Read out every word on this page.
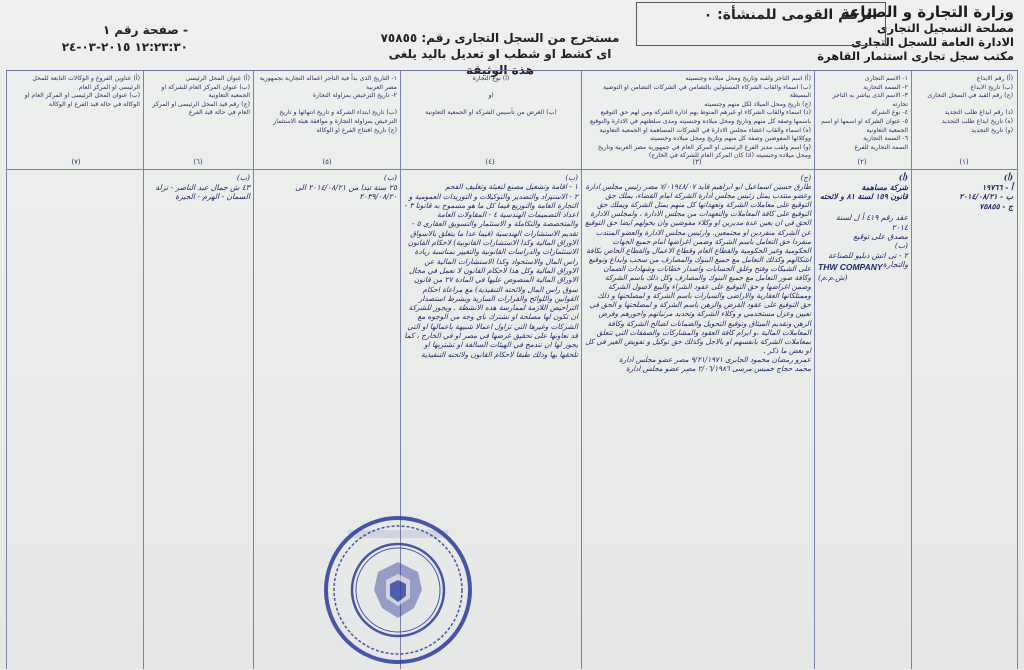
وزارة التجارة و الصناعة
مصلحة التسجيل التجارى
الادارة العامة للسجل التجارى
مكتب سجل تجارى استثمار القاهرة
الرقم القومى للمنشأة: ٠
مستخرج من السجل التجارى رقم: ٧٥٨٥٥
اى كشط او شطب او تعديل باليد يلغى هذة الوثيقة
- صفحة رقم ١
١٢:٢٣:٣٠ ٢٠١٥-٠٣-٢٤
(أ) رقم الايداع
(ب) تاريخ الايداع
(ج) رقم القيد في السجل التجارى

(د) رقم ايداع طلب التجديد
(ه) تاريخ ايداع طلب التجديد
(و) تاريخ التجديد
١- الاسم التجارى
٢- السمة التجارية
٣- الاسم الذى يباشر به التاجر تجارته
٤- نوع الشركة
٥- عنوان الشركة او اسمها او اسم الجمعية التعاونية
٦- السمة التجارية
السمة التجارية للفرع
(أ) اسم التاجر ولقبه وتاريخ ومحل ميلاده وجنسيته
(ب) اسماء والقاب الشركاء المسئولين بالتضامن في الشركات التضامن او التوصية البسيطة
(ج) تاريخ ومحل الميلاد لكل منهم وجنسيته
(د) اسماء والقاب الشركاء او غيرهم المنوط بهم ادارة الشركة ومن لهم حق التوقيع باسمها وصفة كل منهم وتاريخ ومحل ميلاده وجنسيته ومدى سلطتهم في الادارة والتوقيع
(ه) اسماء والقاب اعضاء مجلس الادارة في الشركات المساهمة او الجمعية التعاونية ووكلائها المفوضين وصفة كل منهم وتاريخ ومحل ميلاده وجنسيته
(و) اسم ولقب مدير الفرع الرئيسى او المركز العام في جمهورية مصر العربية وتاريخ ومحل ميلاده وجنسيته (اذا كان المركز العام للشركة في الخارج)
(أ) نوع التجارة

او

(ب) الغرض من تأسيس الشركة او الجمعية التعاونية
١- التاريخ الذى بدأ فية التاجر اعماله التجارية بجمهورية مصر العربية
٢- تاريخ الترخيص بمزاولة التجارة

(ب) تاريخ ابتداء الشركة و تاريخ انتهائها و تاريخ الترخيص بمزاولة التجارة و موافقة هيئة الاستثمار
(ج) تاريخ افتتاح الفرع او الوكالة
(أ) عنوان المحل الرئيسى
(ب) عنوان المركز العام للشركة او الجمعية التعاونية
(ج) رقم قيد المحل الرئيسى او المركز العام في حالة قيد الفرع
(أ) عناوين الفروع و الوكالات التابعة للمحل الرئيسى او المركز العام
(ب) عنوان المحل الرئيسى او المركز العام او الوكالة في حالة قيد الفرع او الوكالة
(١)
(٢)
(٣)
(٤)
(٥)
(٦)
(٧)
(أ)
أ - ١٩٧٦٦
ب - ٢٠١٤/٠٨/٢١
ج - ٧٥٨٥٥
(أ)
شركة مساهمة
قانون ١٥٩ لسنة ٨١ و لائحته
عقد رقم ٤١٩ أ ل لسنة ٢٠١٤
مصدق على توقيع
(ب)
٢ - تى اتش دبليو للصناعة والتجارة
THW COMPANY (ش.م.م)
(ج)
طارق حسين اسماعيل ابو ابراهيم قايد ٧/٠١٩٤٨/٠٧ مصر رئيس مجلس ادارة وعضو منتدب يمثل رئيس مجلس ادارة الشركة امام القضاء، يملك حق التوقيع على معاملات الشركة وتعهداتها كل منهم يمثل الشركة ويملك حق التوقيع على كافة المعاملات والتعهدات من مجلس الادارة ، ولمجلس الادارة الحق في ان يعين عدة مديرين او وكلاء مفوضين وان يخولهم ايضا حق التوقيع عن الشركة منفردين او مجتمعين. وارئيس مجلس الادارة والعضو المنتدب منفردا حق التعامل باسم الشركة وضمن اغراضها امام جميع الجهات الحكومية وغير الحكومية والقطاع العام وقطاع الاعمال والقطاع الخاص بكافة اشكالهم وكذلك التعامل مع جميع البنوك والمصارف من سحب وايداع وتوقيع على الشيكات وفتح وغلق الحسابات واصدار خطابات وشهادات الضمان وكافة صور التعامل مع جميع البنوك والمصارف وكل ذلك باسم الشركة وضمن اغراضها و حق التوقيع على عقود الشراء والبيع لاصول الشركة وممتلكاتها العقارية والاراضى والسيارات باسم الشركة و لمصلحتها و ذلك حق التوقيع على عقود القرض والرهن باسم الشركة و لمصلحتها و الحق في تعيين وعزل مستخدمي و وكلاء الشركة وتحديد مرتباتهم واجورهم وفرض الرهن وتقديم الميثاق وتوقيع التحويل والضمانات لصالح الشركة وكافة المعاملات المالية ،و ابرام كافة العقود والمشاركات والصفقات التي تتعلق بمعاملات الشركة بانفسهم او بالاجل وكذلك حق توكيل و تفويض الغير في كل او بعض ما ذكر .
عمرو رمضان محمود الجابرى ٩/٢١/١٩٧١ مصر عضو مجلس ادارة
محمد حجاج خميس مرسى ٢/٠٦/١٩٨٦ مصر عضو مجلس ادارة
(ب)
١ - اقامة وتشغيل مصنع لتعبئة وتغليف الفحم
٢ - الاستيراد والتصدير والتوكيلات و التوريدات العمومية و التجارة العامة والتوزيع فيما كل ما هو مسموح به قانونا ٣ - اعداد التصميمات الهندسية ٤ - المقاولات العامة والمتخصصة والتكاملة و الاستثمار والتسويق العقارى ٥ - تقديم الاستشارات الهندسية (فيما عدا ما يتعلق بالاسواق الاوراق المالية وكذا الاستشارات القانونية) لاحكام القانون الاستثمارات والدراسات القانونية والتغيير بمناسبة زيادة راس المال والاستحواذ وكذا الاستشارات المالية عن الاوراق المالية وكل هذا لاحكام القانون لا تعمل في مجال الاوراق المالية المنصوص عليها في المادة ٢٧ من قانون سوق راس المال ولائحته التنفيذية) مع مراعاة احكام القوانين واللوائح والقرارات السارية وبشرط استصدار التراخيص اللازمة لممارسة هذه الانشطة . ويجوز للشركة ان تكون لها مصلحة او تشترك باي وجه من الوجوه مع الشركات وغيرها التي تزاول اعمالا شبيهة باعمالها او التي قد تعاونها على تحقيق غرضها في مصر او في الخارج ، كما يجوز لها ان تندمج في الهيئات السالفة او تشتريها او تلحقها بها وذلك طبقا لاحكام القانون ولائحته التنفيذية
(ب)
٢٥ سنة تبدا من ٢٠١٤/٠٨/٢١ الى ٢٠٣٩/٠٨/٢٠
(ب)
٤٣ ش جمال عبد الناصر - نزلة السمان - الهرم - الجيزة
